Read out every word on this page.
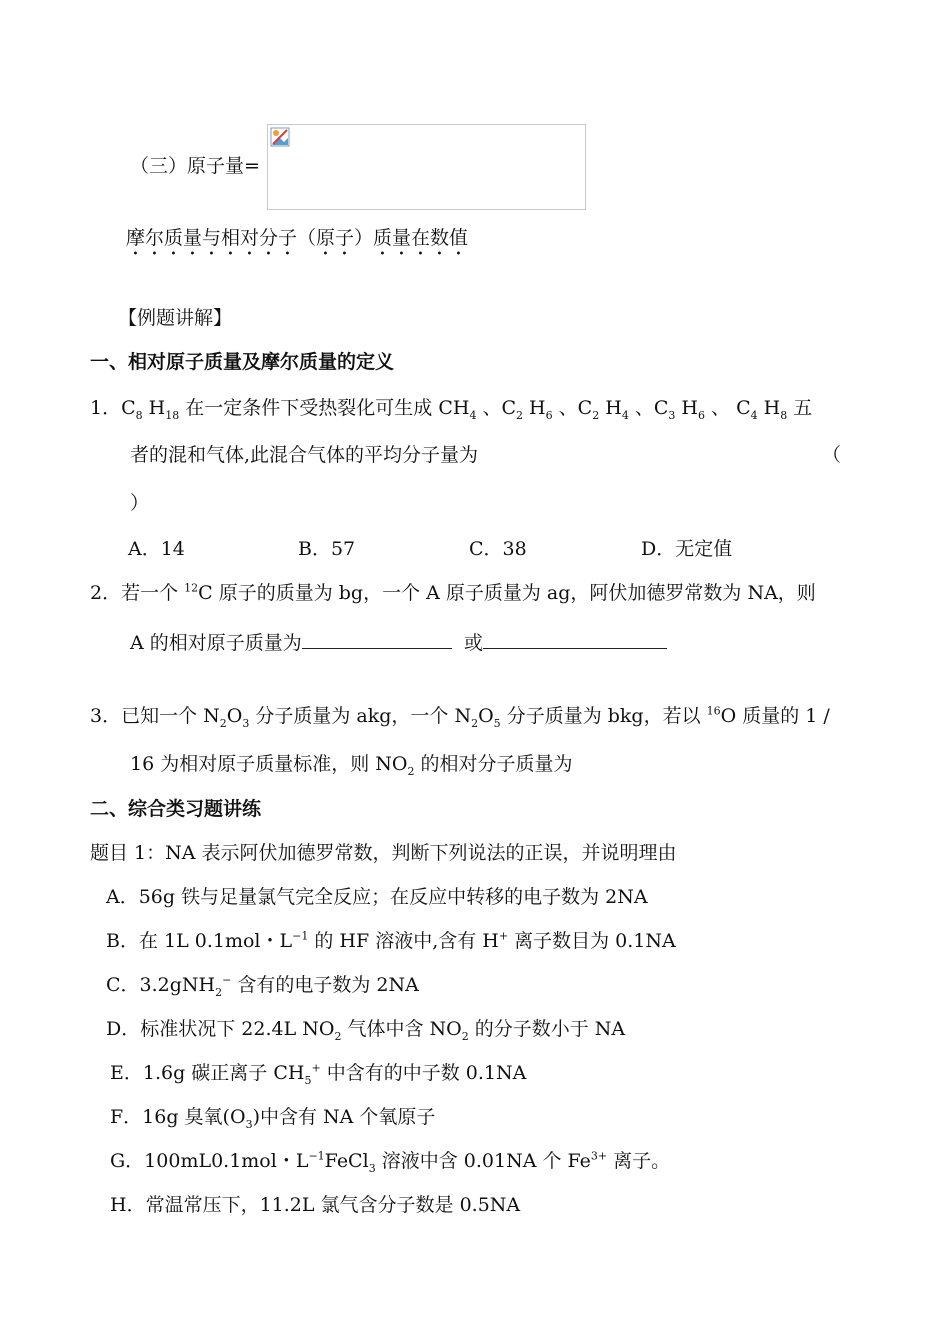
（三）原子量=
摩尔质量与相对分子（原子）质量在数值
【例题讲解】
一、相对原子质量及摩尔质量的定义
1．$C_8$ $H_{18}$ 在一定条件下受热裂化可生成 $CH_4$ 、$C_2$ $H_6$ 、$C_2$ $H_4$ 、$C_3$ $H_6$ 、 $C_4$ $H_8$ 五
者的混和气体,此混合气体的平均分子量为	（
）
A．14	B．57	C．38	D．无定值
2．若一个 $^{12}$C 原子的质量为 bg，一个 A 原子质量为 ag，阿伏加德罗常数为 NA，则
A 的相对原子质量为	或
3．已知一个 $N_2O_3$ 分子质量为 akg，一个 $N_2O_5$ 分子质量为 bkg，若以 $^{16}$O 质量的 1 /
16 为相对原子质量标准，则 $NO_2$ 的相对分子质量为
二、综合类习题讲练
题目 1：NA 表示阿伏加德罗常数，判断下列说法的正误，并说明理由
A．56g 铁与足量氯气完全反应；在反应中转移的电子数为 2NA
B．在 1L 0.1mol・$L^{-1}$ 的 HF 溶液中,含有 H+ 离子数目为 0.1NA
C．3.2gNH$_2$− 含有的电子数为 2NA
D．标准状况下 22.4L $NO_2$ 气体中含 $NO_2$ 的分子数小于 NA
E．1.6g 碳正离子 $CH_5^+$ 中含有的中子数 0.1NA
F．16g 臭氧$(O_3)$中含有 NA 个氧原子
G．100mL0.1mol・$L^{-1}FeCl_3$ 溶液中含 0.01NA 个 $Fe^{3+}$ 离子。
H．常温常压下，11.2L 氯气含分子数是 0.5NA
